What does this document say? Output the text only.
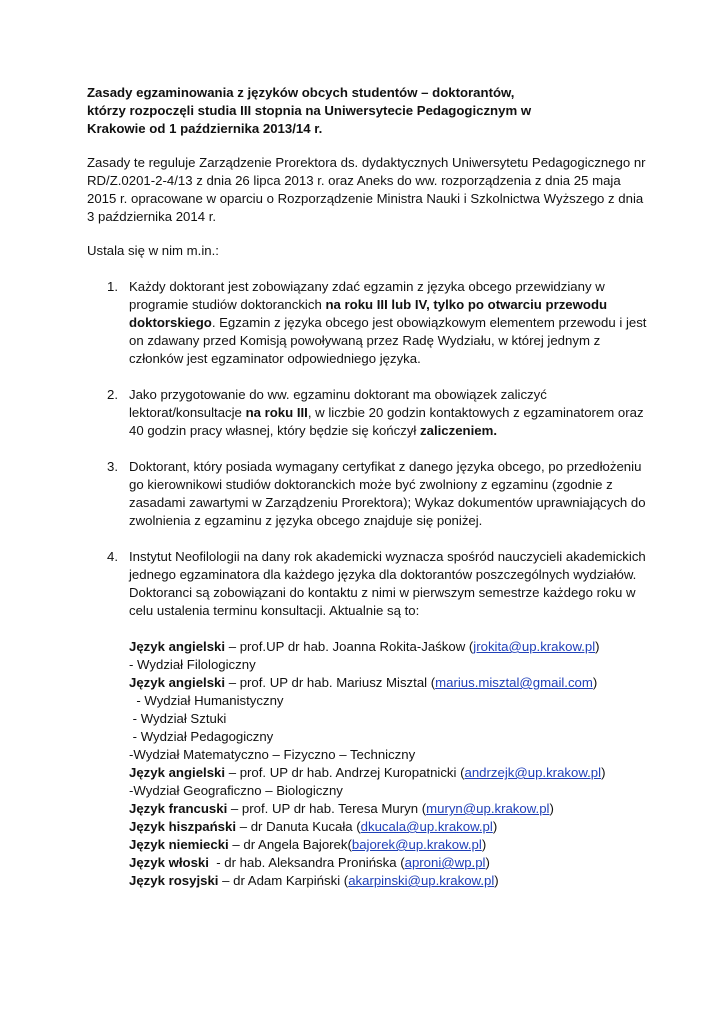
Zasady egzaminowania z języków obcych studentów – doktorantów,
którzy rozpoczęli studia III stopnia na Uniwersytecie Pedagogicznym w
Krakowie od 1 października 2013/14 r.
Zasady te reguluje Zarządzenie Prorektora ds. dydaktycznych Uniwersytetu Pedagogicznego nr RD/Z.0201-2-4/13 z dnia 26 lipca 2013 r. oraz Aneks do ww. rozporządzenia z dnia 25 maja 2015 r. opracowane w oparciu o Rozporządzenie Ministra Nauki i Szkolnictwa Wyższego z dnia 3 października 2014 r.
Ustala się w nim m.in.:
1. Każdy doktorant jest zobowiązany zdać egzamin z języka obcego przewidziany w programie studiów doktoranckich na roku III lub IV, tylko po otwarciu przewodu doktorskiego. Egzamin z języka obcego jest obowiązkowym elementem przewodu i jest on zdawany przed Komisją powoływaną przez Radę Wydziału, w której jednym z członków jest egzaminator odpowiedniego języka.
2. Jako przygotowanie do ww. egzaminu doktorant ma obowiązek zaliczyć lektorat/konsultacje na roku III, w liczbie 20 godzin kontaktowych z egzaminatorem oraz 40 godzin pracy własnej, który będzie się kończył zaliczeniem.
3. Doktorant, który posiada wymagany certyfikat z danego języka obcego, po przedłożeniu go kierownikowi studiów doktoranckich może być zwolniony z egzaminu (zgodnie z zasadami zawartymi w Zarządzeniu Prorektora); Wykaz dokumentów uprawniających do zwolnienia z egzaminu z języka obcego znajduje się poniżej.
4. Instytut Neofilologii na dany rok akademicki wyznacza spośród nauczycieli akademickich jednego egzaminatora dla każdego języka dla doktorantów poszczególnych wydziałów. Doktoranci są zobowiązani do kontaktu z nimi w pierwszym semestrze każdego roku w celu ustalenia terminu konsultacji. Aktualnie są to:
Język angielski – prof.UP dr hab. Joanna Rokita-Jaśkow (jrokita@up.krakow.pl)
- Wydział Filologiczny
Język angielski – prof. UP dr hab. Mariusz Misztal (marius.misztal@gmail.com)
- Wydział Humanistyczny
- Wydział Sztuki
- Wydział Pedagogiczny
-Wydział Matematyczno – Fizyczno – Techniczny
Język angielski – prof. UP dr hab. Andrzej Kuropatnicki (andrzejk@up.krakow.pl)
-Wydział Geograficzno – Biologiczny
Język francuski – prof. UP dr hab. Teresa Muryn (muryn@up.krakow.pl)
Język hiszpański – dr Danuta Kucała (dkucala@up.krakow.pl)
Język niemiecki – dr Angela Bajorek(bajorek@up.krakow.pl)
Język włoski  - dr hab. Aleksandra Pronińska (aproni@wp.pl)
Język rosyjski – dr Adam Karpiński (akarpinski@up.krakow.pl)
